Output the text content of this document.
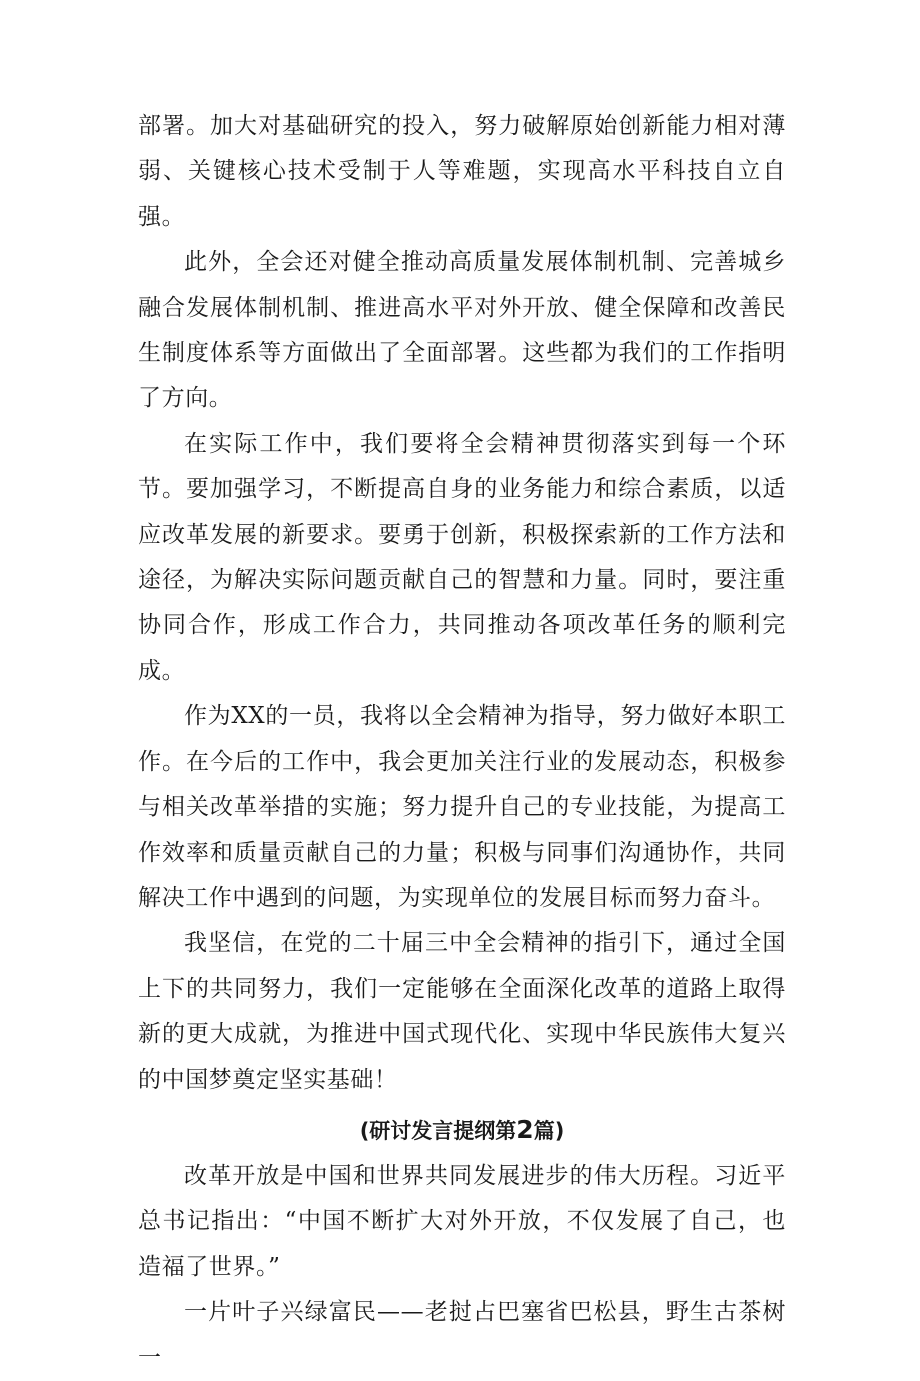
部署。加大对基础研究的投入，努力破解原始创新能力相对薄弱、关键核心技术受制于人等难题，实现高水平科技自立自强。

此外，全会还对健全推动高质量发展体制机制、完善城乡融合发展体制机制、推进高水平对外开放、健全保障和改善民生制度体系等方面做出了全面部署。这些都为我们的工作指明了方向。

在实际工作中，我们要将全会精神贯彻落实到每一个环节。要加强学习，不断提高自身的业务能力和综合素质，以适应改革发展的新要求。要勇于创新，积极探索新的工作方法和途径，为解决实际问题贡献自己的智慧和力量。同时，要注重协同合作，形成工作合力，共同推动各项改革任务的顺利完成。

作为XX的一员，我将以全会精神为指导，努力做好本职工作。在今后的工作中，我会更加关注行业的发展动态，积极参与相关改革举措的实施；努力提升自己的专业技能，为提高工作效率和质量贡献自己的力量；积极与同事们沟通协作，共同解决工作中遇到的问题，为实现单位的发展目标而努力奋斗。

我坚信，在党的二十届三中全会精神的指引下，通过全国上下的共同努力，我们一定能够在全面深化改革的道路上取得新的更大成就，为推进中国式现代化、实现中华民族伟大复兴的中国梦奠定坚实基础！

(研讨发言提纲第2篇)

改革开放是中国和世界共同发展进步的伟大历程。习近平总书记指出：“中国不断扩大对外开放，不仅发展了自己，也造福了世界。”

一片叶子兴绿富民——老挝占巴塞省巴松县，野生古茶树一
